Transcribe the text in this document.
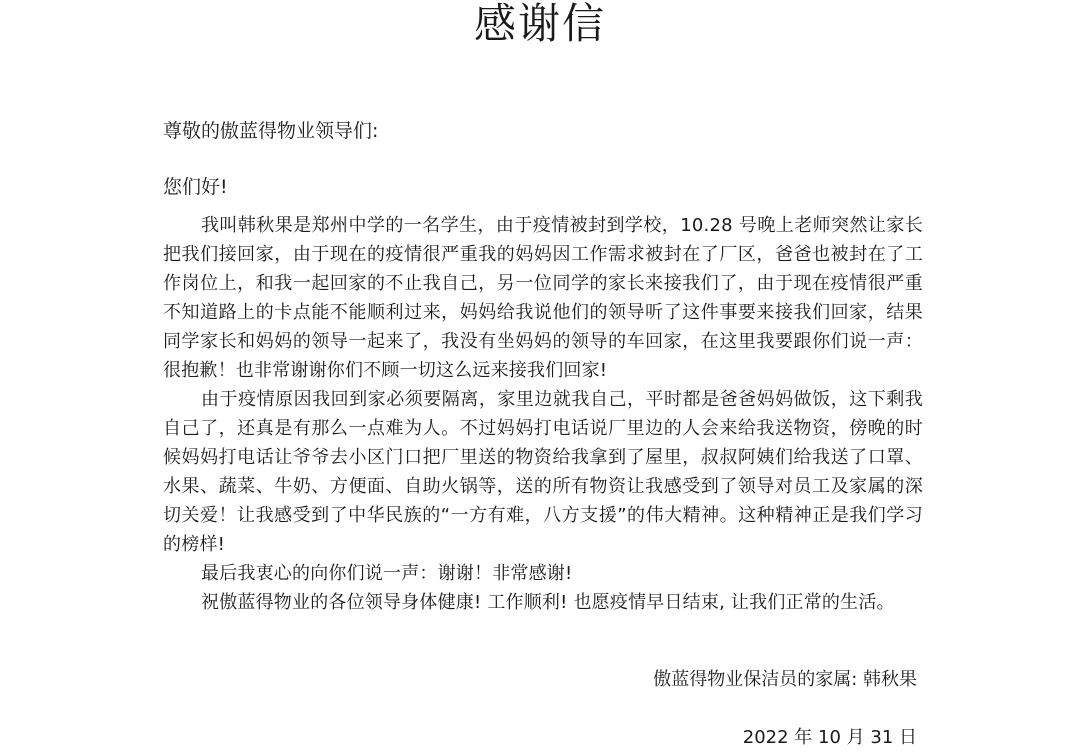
感谢信
尊敬的傲蓝得物业领导们:
您们好!

我叫韩秋果是郑州中学的一名学生，由于疫情被封到学校，10.28 号晚上老师突然让家长把我们接回家，由于现在的疫情很严重我的妈妈因工作需求被封在了厂区，爸爸也被封在了工作岗位上，和我一起回家的不止我自己，另一位同学的家长来接我们了，由于现在疫情很严重不知道路上的卡点能不能顺利过来，妈妈给我说他们的领导听了这件事要来接我们回家，结果同学家长和妈妈的领导一起来了，我没有坐妈妈的领导的车回家，在这里我要跟你们说一声：很抱歉！也非常谢谢你们不顾一切这么远来接我们回家!

由于疫情原因我回到家必须要隔离，家里边就我自己，平时都是爸爸妈妈做饭，这下剩我自己了，还真是有那么一点难为人。不过妈妈打电话说厂里边的人会来给我送物资，傍晚的时候妈妈打电话让爷爷去小区门口把厂里送的物资给我拿到了屋里，叔叔阿姨们给我送了口罩、水果、蔬菜、牛奶、方便面、自助火锅等，送的所有物资让我感受到了领导对员工及家属的深切关爱！让我感受到了中华民族的“一方有难，八方支援”的伟大精神。这种精神正是我们学习的榜样!

最后我衷心的向你们说一声：谢谢！非常感谢!

祝傲蓝得物业的各位领导身体健康! 工作顺利! 也愿疫情早日结束, 让我们正常的生活。

傲蓝得物业保洁员的家属: 韩秋果
2022 年 10 月 31 日
